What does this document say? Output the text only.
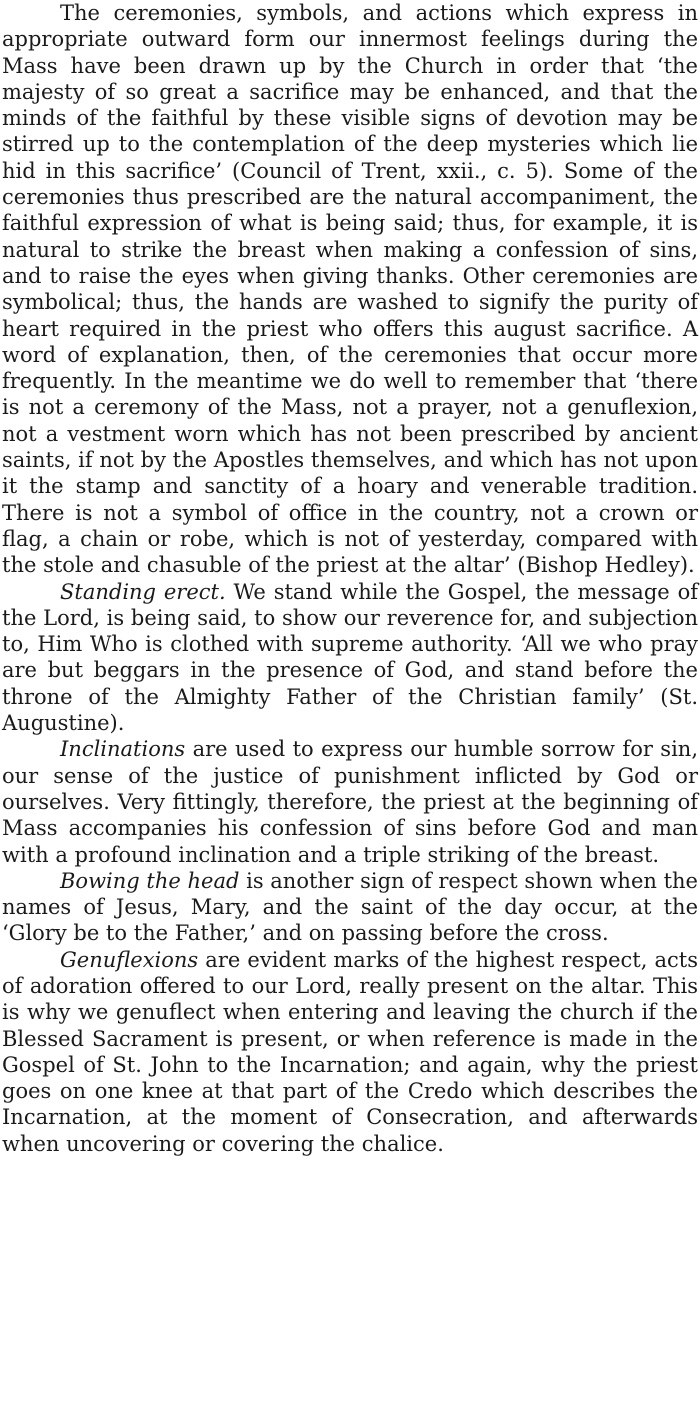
The ceremonies, symbols, and actions which express in appropriate outward form our innermost feelings during the Mass have been drawn up by the Church in order that ‘the majesty of so great a sacrifice may be enhanced, and that the minds of the faithful by these visible signs of devotion may be stirred up to the contemplation of the deep mysteries which lie hid in this sacrifice’ (Council of Trent, xxii., c. 5). Some of the ceremonies thus prescribed are the natural accompaniment, the faithful expression of what is being said; thus, for example, it is natural to strike the breast when making a confession of sins, and to raise the eyes when giving thanks. Other ceremonies are symbolical; thus, the hands are washed to signify the purity of heart required in the priest who offers this august sacrifice. A word of explanation, then, of the ceremonies that occur more frequently. In the meantime we do well to remember that ‘there is not a ceremony of the Mass, not a prayer, not a genuflexion, not a vestment worn which has not been prescribed by ancient saints, if not by the Apostles themselves, and which has not upon it the stamp and sanctity of a hoary and venerable tradition. There is not a symbol of office in the country, not a crown or flag, a chain or robe, which is not of yesterday, compared with the stole and chasuble of the priest at the altar’ (Bishop Hedley).

Standing erect. We stand while the Gospel, the message of the Lord, is being said, to show our reverence for, and subjection to, Him Who is clothed with supreme authority. ‘All we who pray are but beggars in the presence of God, and stand before the throne of the Almighty Father of the Christian family’ (St. Augustine).

Inclinations are used to express our humble sorrow for sin, our sense of the justice of punishment inflicted by God or ourselves. Very fittingly, therefore, the priest at the beginning of Mass accompanies his confession of sins before God and man with a profound inclination and a triple striking of the breast.

Bowing the head is another sign of respect shown when the names of Jesus, Mary, and the saint of the day occur, at the ‘Glory be to the Father,’ and on passing before the cross.

Genuflexions are evident marks of the highest respect, acts of adoration offered to our Lord, really present on the altar. This is why we genuflect when entering and leaving the church if the Blessed Sacrament is present, or when reference is made in the Gospel of St. John to the Incarnation; and again, why the priest goes on one knee at that part of the Credo which describes the Incarnation, at the moment of Consecration, and afterwards when uncovering or covering the chalice.
